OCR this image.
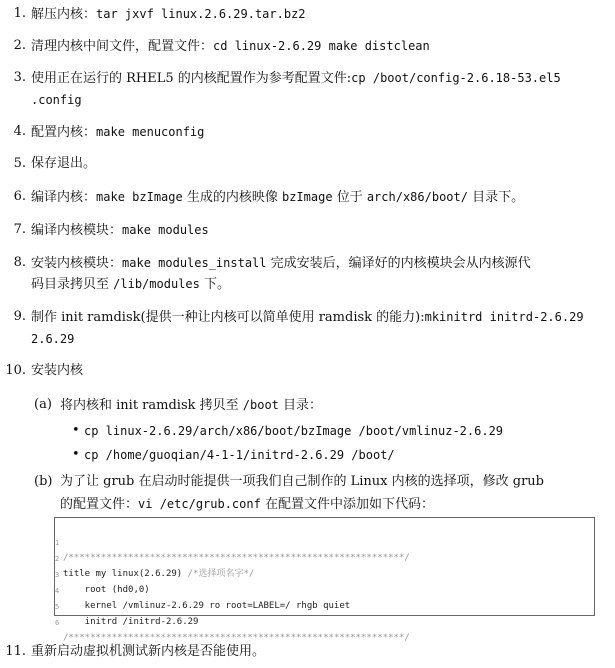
1. 解压内核：tar jxvf linux.2.6.29.tar.bz2
2. 清理内核中间文件，配置文件：cd linux-2.6.29 make distclean
3. 使用正在运行的 RHEL5 的内核配置作为参考配置文件:cp /boot/config-2.6.18-53.el5
.config
4. 配置内核：make menuconfig
5. 保存退出。
6. 编译内核：make bzImage 生成的内核映像 bzImage 位于 arch/x86/boot/ 目录下。
7. 编译内核模块：make modules
8. 安装内核模块：make modules_install 完成安装后，编译好的内核模块会从内核源代
码目录拷贝至 /lib/modules 下。
9. 制作 init ramdisk(提供一种让内核可以简单使用 ramdisk 的能力):mkinitrd initrd-2.6.29
2.6.29
10. 安装内核
(a) 将内核和 init ramdisk 拷贝至 /boot 目录：
• cp linux-2.6.29/arch/x86/boot/bzImage /boot/vmlinuz-2.6.29
• cp /home/guoqian/4-1-1/initrd-2.6.29 /boot/
(b) 为了让 grub 在启动时能提供一项我们自己制作的 Linux 内核的选择项，修改 grub
的配置文件：vi /etc/grub.conf 在配置文件中添加如下代码：

1

/**************************************************************/

2

title my linux(2.6.29) /*选择项名字*/

3

root (hd0,0)

4

kernel /vmlinuz-2.6.29 ro root=LABEL=/ rhgb quiet

5

initrd /initrd-2.6.29

6

/**************************************************************/

11. 重新启动虚拟机测试新内核是否能使用。
